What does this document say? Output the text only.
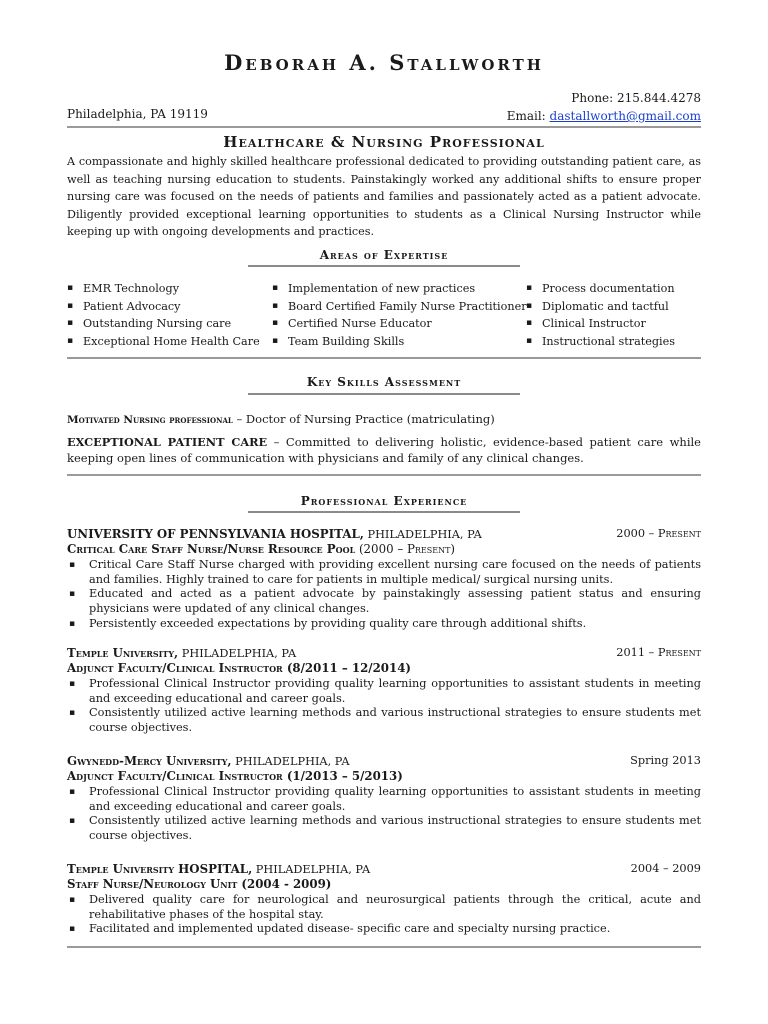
Deborah A. Stallworth
Philadelphia, PA 19119
Phone: 215.844.4278
Email: dastallworth@gmail.com
Healthcare & Nursing Professional
A compassionate and highly skilled healthcare professional dedicated to providing outstanding patient care, as well as teaching nursing education to students. Painstakingly worked any additional shifts to ensure proper nursing care was focused on the needs of patients and families and passionately acted as a patient advocate. Diligently provided exceptional learning opportunities to students as a Clinical Nursing Instructor while keeping up with ongoing developments and practices.
Areas of Expertise
▪ EMR Technology
▪ Patient Advocacy
▪ Outstanding Nursing care
▪ Exceptional Home Health Care
▪ Implementation of new practices
▪ Board Certified Family Nurse Practitioner
▪ Certified Nurse Educator
▪ Team Building Skills
▪ Process documentation
▪ Diplomatic and tactful
▪ Clinical Instructor
▪ Instructional strategies
Key Skills Assessment
Motivated Nursing professional – Doctor of Nursing Practice (matriculating)
EXCEPTIONAL PATIENT CARE – Committed to delivering holistic, evidence-based patient care while keeping open lines of communication with physicians and family of any clinical changes.
Professional Experience
UNIVERSITY OF PENNSYLVANIA HOSPITAL, PHILADELPHIA, PA	2000 – Present
Critical Care Staff Nurse/Nurse Resource Pool (2000 – Present)
▪ Critical Care Staff Nurse charged with providing excellent nursing care focused on the needs of patients and families. Highly trained to care for patients in multiple medical/ surgical nursing units.
▪ Educated and acted as a patient advocate by painstakingly assessing patient status and ensuring physicians were updated of any clinical changes.
▪ Persistently exceeded expectations by providing quality care through additional shifts.
Temple University, PHILADELPHIA, PA	2011 – Present
Adjunct Faculty/Clinical Instructor (8/2011 – 12/2014)
▪ Professional Clinical Instructor providing quality learning opportunities to assistant students in meeting and exceeding educational and career goals.
▪ Consistently utilized active learning methods and various instructional strategies to ensure students met course objectives.
Gwynedd-Mercy University, PHILADELPHIA, PA	Spring 2013
Adjunct Faculty/Clinical Instructor (1/2013 – 5/2013)
▪ Professional Clinical Instructor providing quality learning opportunities to assistant students in meeting and exceeding educational and career goals.
▪ Consistently utilized active learning methods and various instructional strategies to ensure students met course objectives.
Temple University HOSPITAL, PHILADELPHIA, PA	2004 – 2009
Staff Nurse/Neurology Unit (2004 - 2009)
▪ Delivered quality care for neurological and neurosurgical patients through the critical, acute and rehabilitative phases of the hospital stay.
▪ Facilitated and implemented updated disease- specific care and specialty nursing practice.
